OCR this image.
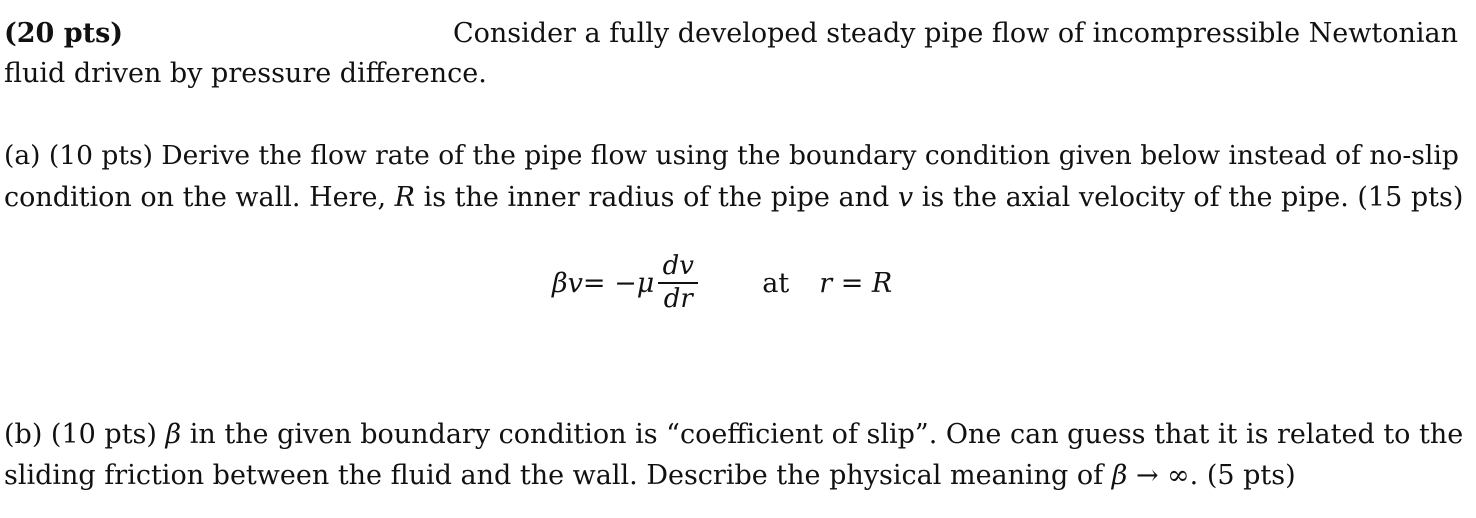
(20 pts)	Consider a fully developed steady pipe flow of incompressible Newtonian
fluid driven by pressure difference.
(a) (10 pts) Derive the flow rate of the pipe flow using the boundary condition given below instead of no-slip
condition on the wall. Here, R is the inner radius of the pipe and v is the axial velocity of the pipe. (15 pts)
$\beta v = -\mu \frac{dv}{dr}$ at r = R
(b) (10 pts) β in the given boundary condition is “coefficient of slip”. One can guess that it is related to the
sliding friction between the fluid and the wall. Describe the physical meaning of β → ∞. (5 pts)
